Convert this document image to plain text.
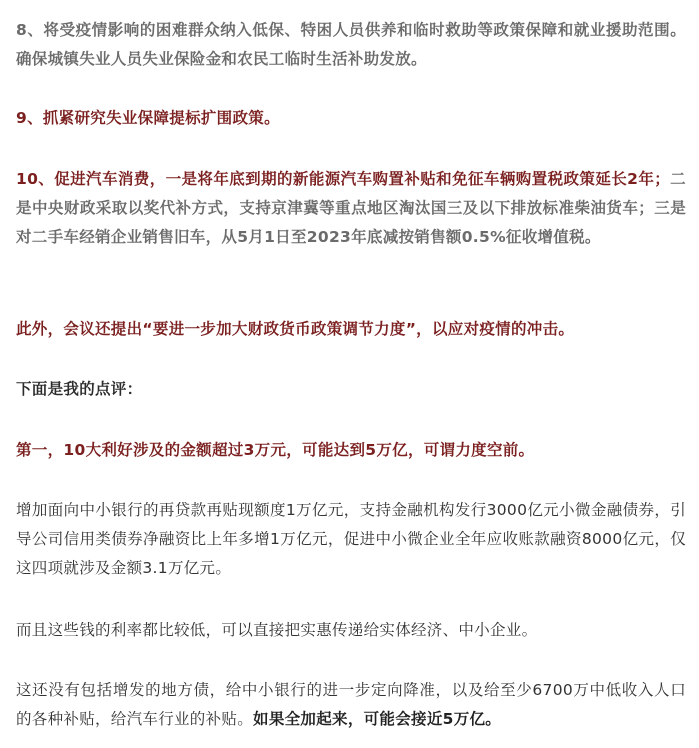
8、将受疫情影响的困难群众纳入低保、特困人员供养和临时救助等政策保障和就业援助范围。确保城镇失业人员失业保险金和农民工临时生活补助发放。

9、抓紧研究失业保障提标扩围政策。

10、促进汽车消费，一是将年底到期的新能源汽车购置补贴和免征车辆购置税政策延长2年；二是中央财政采取以奖代补方式，支持京津冀等重点地区淘汰国三及以下排放标准柴油货车；三是对二手车经销企业销售旧车，从5月1日至2023年底减按销售额0.5%征收增值税。

此外，会议还提出“要进一步加大财政货币政策调节力度”，以应对疫情的冲击。

下面是我的点评：

第一，10大利好涉及的金额超过3万元，可能达到5万亿，可谓力度空前。

增加面向中小银行的再贷款再贴现额度1万亿元，支持金融机构发行3000亿元小微金融债券，引导公司信用类债券净融资比上年多增1万亿元，促进中小微企业全年应收账款融资8000亿元，仅这四项就涉及金额3.1万亿元。

而且这些钱的利率都比较低，可以直接把实惠传递给实体经济、中小企业。

这还没有包括增发的地方债，给中小银行的进一步定向降准，以及给至少6700万中低收入人口的各种补贴，给汽车行业的补贴。如果全加起来，可能会接近5万亿。
